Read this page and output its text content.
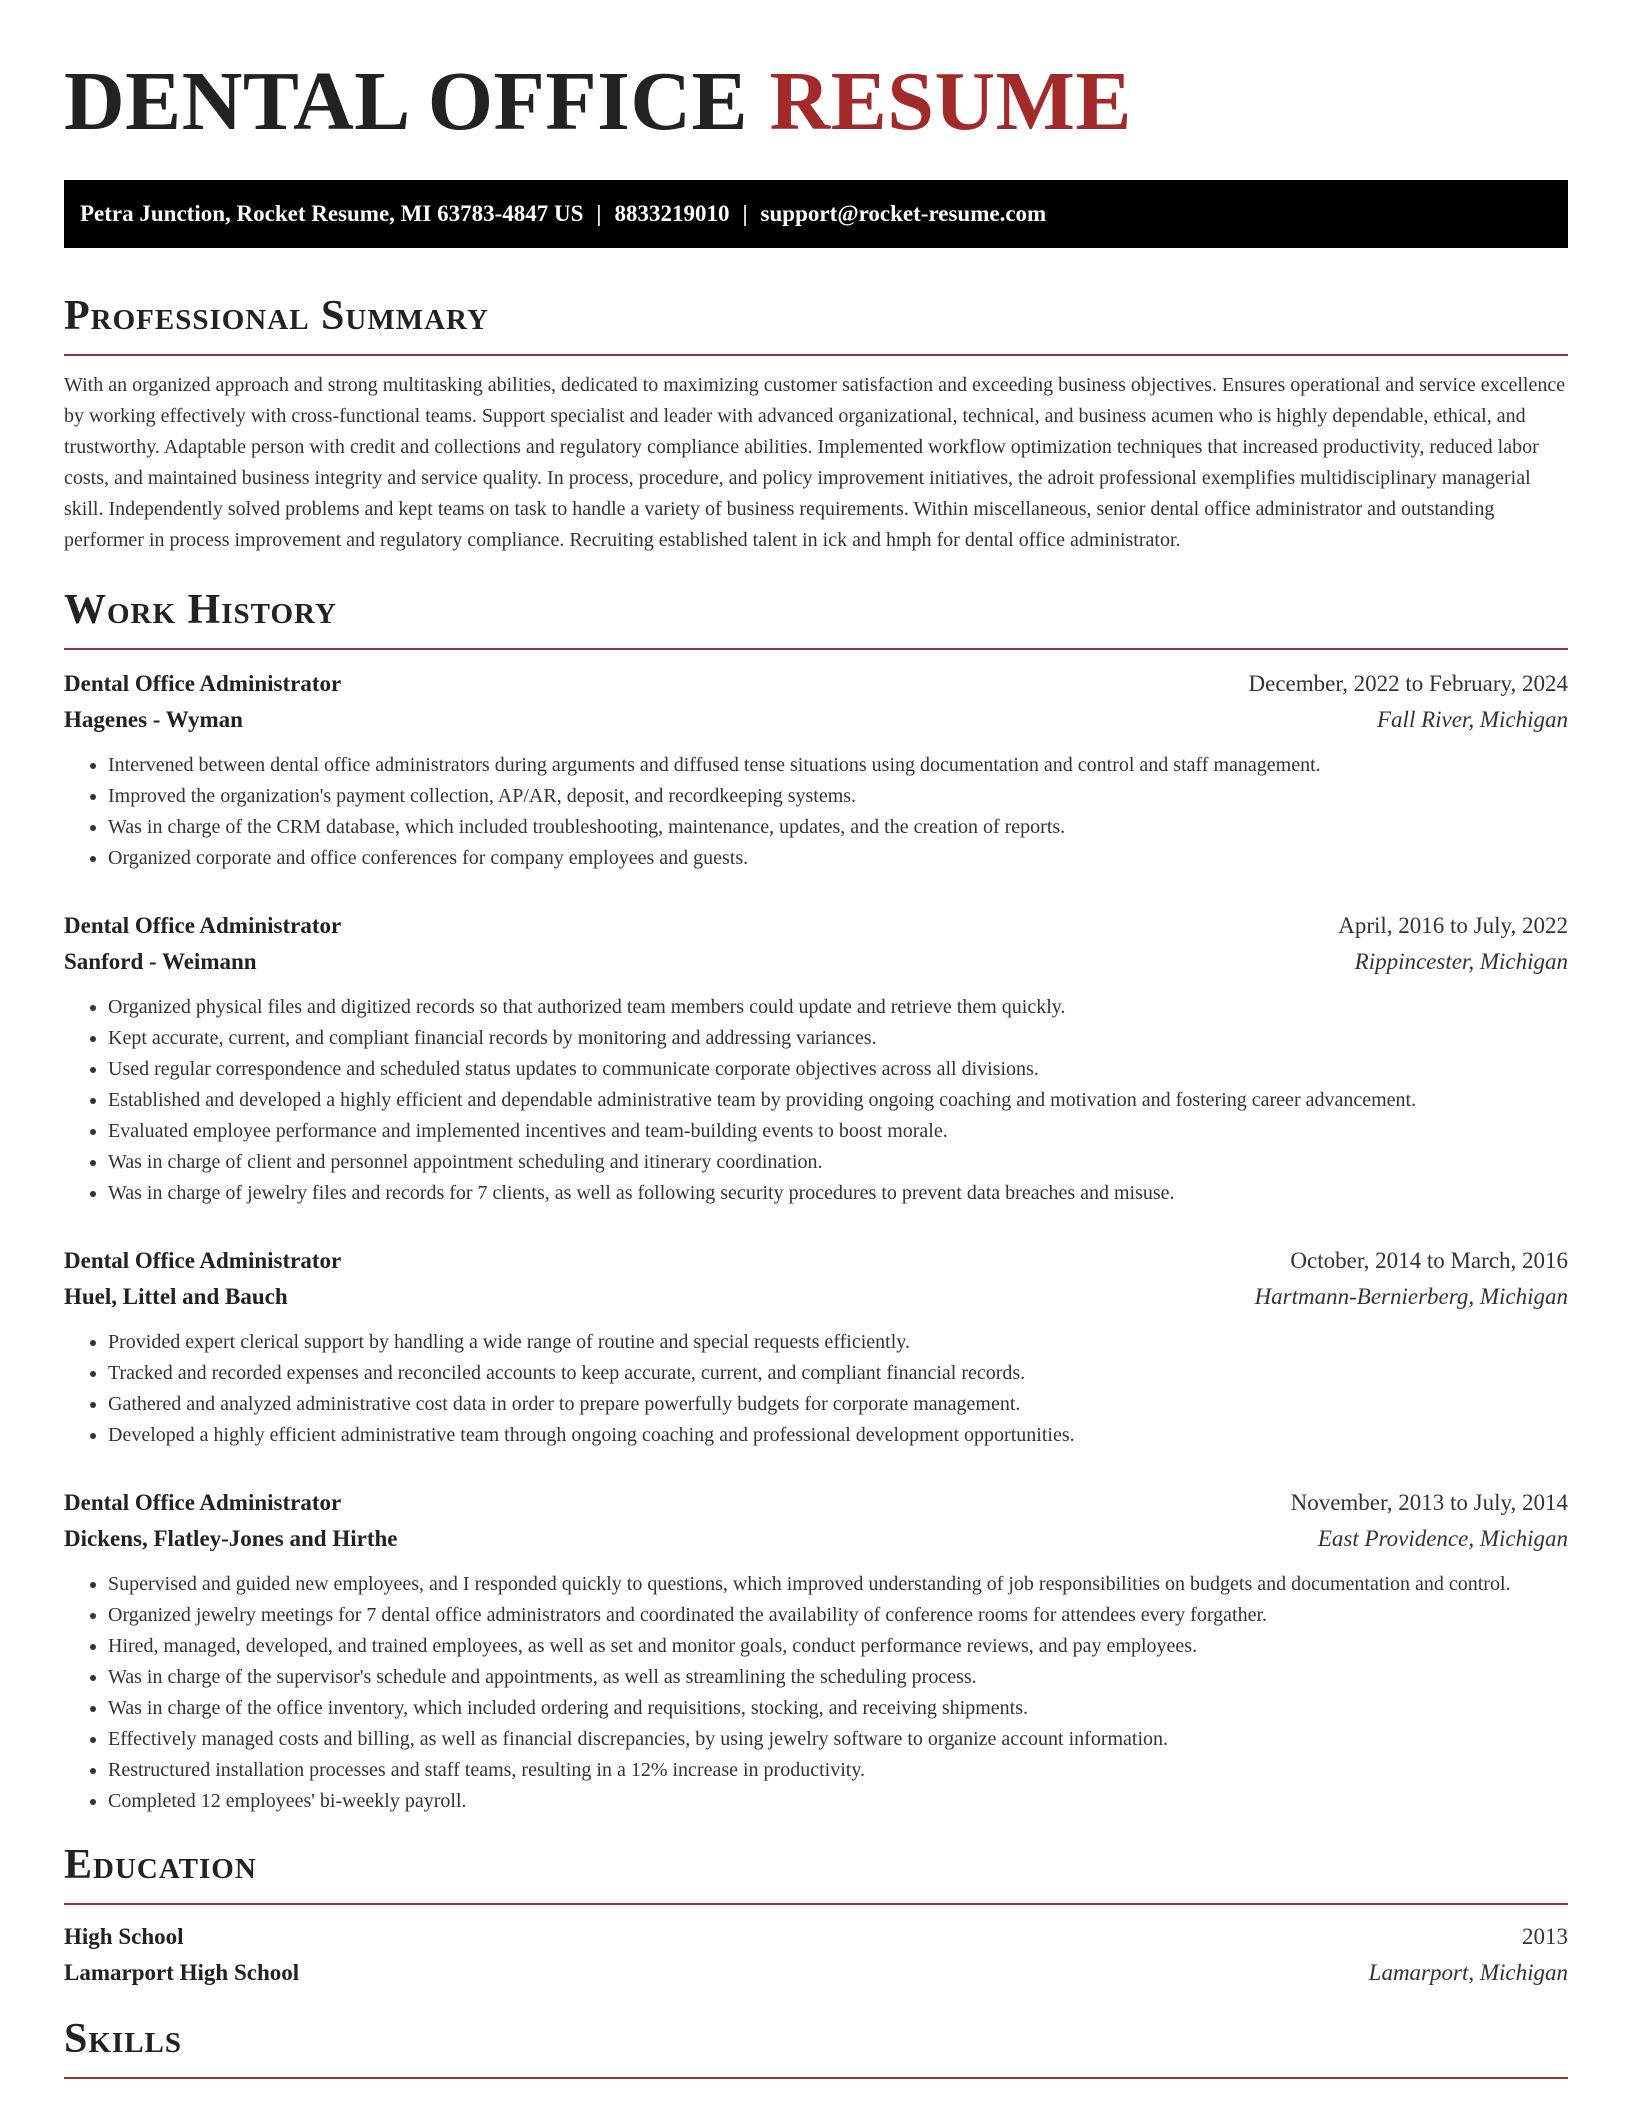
DENTAL OFFICE RESUME
Petra Junction, Rocket Resume, MI 63783-4847 US | 8833219010 | support@rocket-resume.com
Professional Summary

With an organized approach and strong multitasking abilities, dedicated to maximizing customer satisfaction and exceeding business objectives. Ensures operational and service excellence by working effectively with cross-functional teams. Support specialist and leader with advanced organizational, technical, and business acumen who is highly dependable, ethical, and trustworthy. Adaptable person with credit and collections and regulatory compliance abilities. Implemented workflow optimization techniques that increased productivity, reduced labor costs, and maintained business integrity and service quality. In process, procedure, and policy improvement initiatives, the adroit professional exemplifies multidisciplinary managerial skill. Independently solved problems and kept teams on task to handle a variety of business requirements. Within miscellaneous, senior dental office administrator and outstanding performer in process improvement and regulatory compliance. Recruiting established talent in ick and hmph for dental office administrator.

Work History
Dental Office Administrator	December, 2022 to February, 2024
Hagenes - Wyman	Fall River, Michigan
• Intervened between dental office administrators during arguments and diffused tense situations using documentation and control and staff management.
• Improved the organization's payment collection, AP/AR, deposit, and recordkeeping systems.
• Was in charge of the CRM database, which included troubleshooting, maintenance, updates, and the creation of reports.
• Organized corporate and office conferences for company employees and guests.
Dental Office Administrator	April, 2016 to July, 2022
Sanford - Weimann	Rippincester, Michigan
• Organized physical files and digitized records so that authorized team members could update and retrieve them quickly.
• Kept accurate, current, and compliant financial records by monitoring and addressing variances.
• Used regular correspondence and scheduled status updates to communicate corporate objectives across all divisions.
• Established and developed a highly efficient and dependable administrative team by providing ongoing coaching and motivation and fostering career advancement.
• Evaluated employee performance and implemented incentives and team-building events to boost morale.
• Was in charge of client and personnel appointment scheduling and itinerary coordination.
• Was in charge of jewelry files and records for 7 clients, as well as following security procedures to prevent data breaches and misuse.
Dental Office Administrator	October, 2014 to March, 2016
Huel, Littel and Bauch	Hartmann-Bernierberg, Michigan
• Provided expert clerical support by handling a wide range of routine and special requests efficiently.
• Tracked and recorded expenses and reconciled accounts to keep accurate, current, and compliant financial records.
• Gathered and analyzed administrative cost data in order to prepare powerfully budgets for corporate management.
• Developed a highly efficient administrative team through ongoing coaching and professional development opportunities.
Dental Office Administrator	November, 2013 to July, 2014
Dickens, Flatley-Jones and Hirthe	East Providence, Michigan
• Supervised and guided new employees, and I responded quickly to questions, which improved understanding of job responsibilities on budgets and documentation and control.
• Organized jewelry meetings for 7 dental office administrators and coordinated the availability of conference rooms for attendees every forgather.
• Hired, managed, developed, and trained employees, as well as set and monitor goals, conduct performance reviews, and pay employees.
• Was in charge of the supervisor's schedule and appointments, as well as streamlining the scheduling process.
• Was in charge of the office inventory, which included ordering and requisitions, stocking, and receiving shipments.
• Effectively managed costs and billing, as well as financial discrepancies, by using jewelry software to organize account information.
• Restructured installation processes and staff teams, resulting in a 12% increase in productivity.
• Completed 12 employees' bi-weekly payroll.
Education
High School	2013
Lamarport High School	Lamarport, Michigan
Skills
